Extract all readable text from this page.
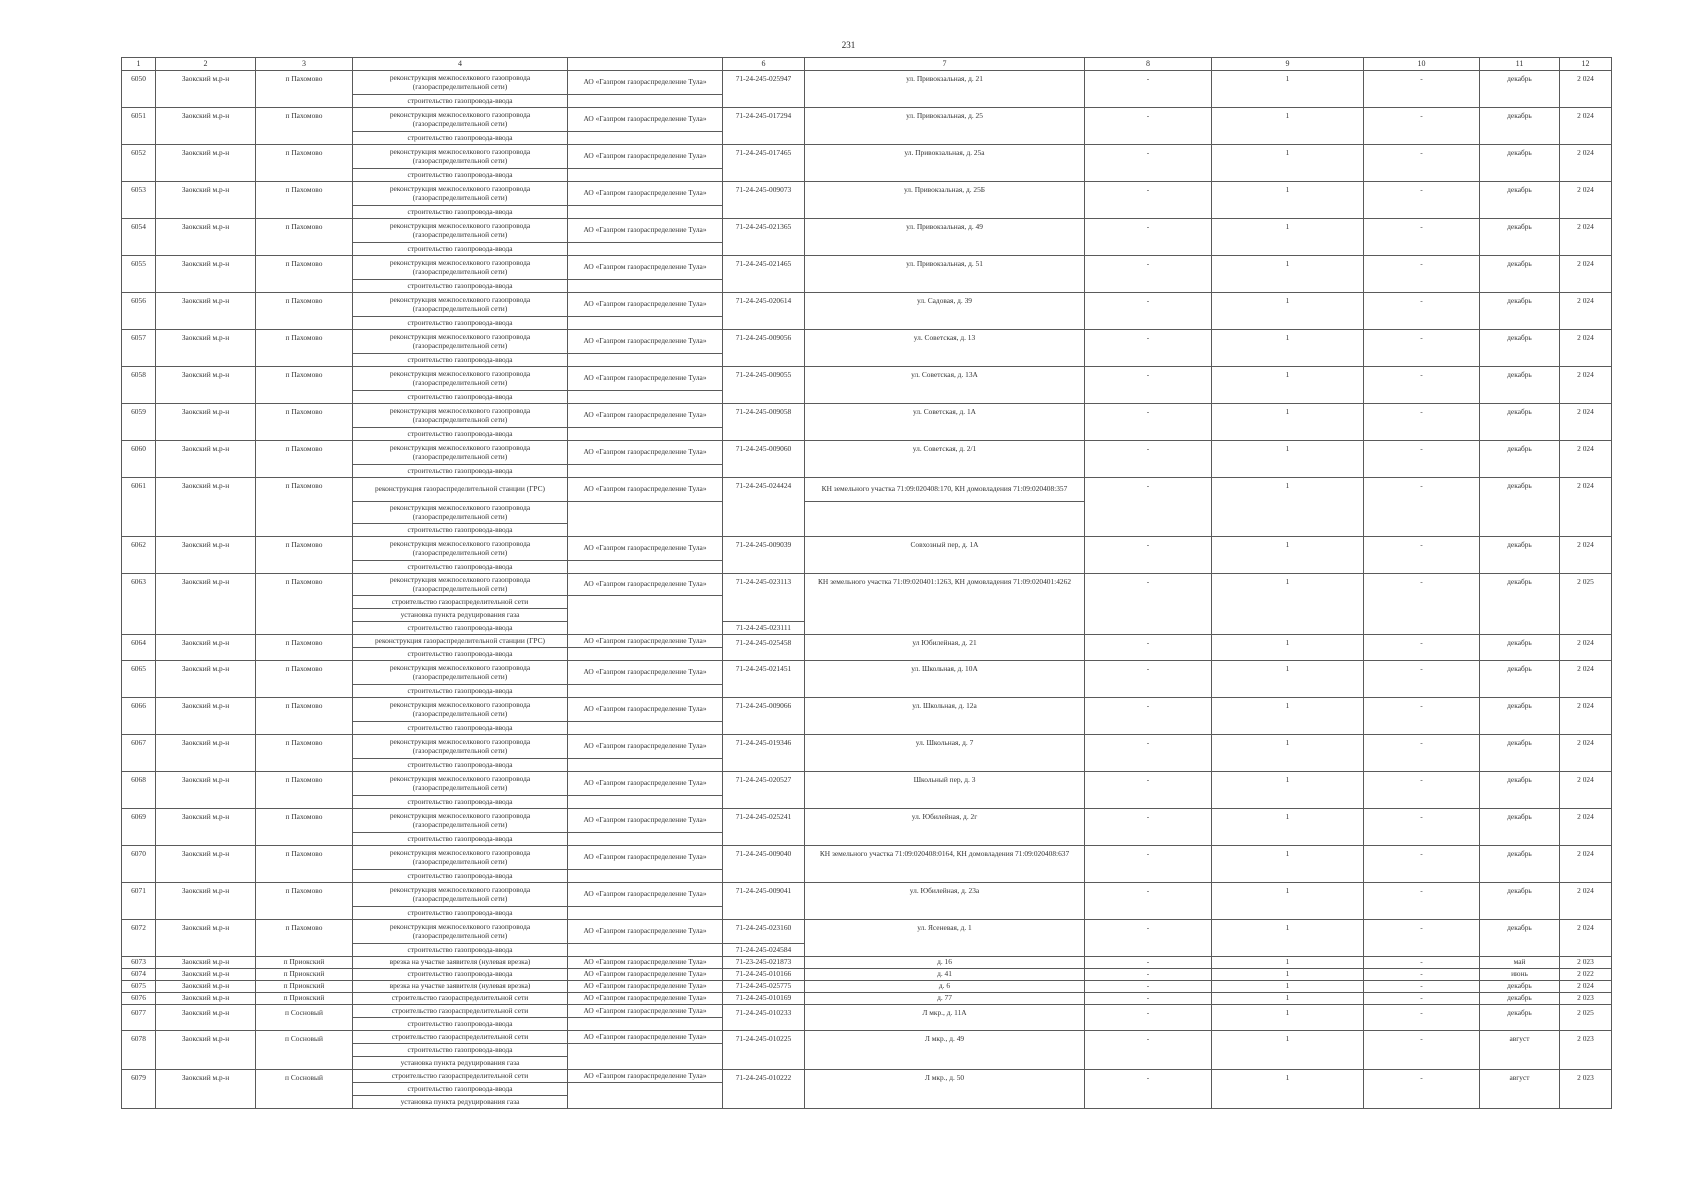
231
1	2	3	4		6	7	8	9	10	11	12
6050	Заокский м.р-н	п Пахомово	реконструкция межпоселкового газопровода (газораспределительной сети)	АО «Газпром газораспределение Тула»	71-24-245-025947	ул. Привокзальная, д. 21	-	1	-	декабрь	2 024
			строительство газопровода-ввода								
6051	Заокский м.р-н	п Пахомово	реконструкция межпоселкового газопровода (газораспределительной сети)	АО «Газпром газораспределение Тула»	71-24-245-017294	ул. Привокзальная, д. 25	-	1	-	декабрь	2 024
			строительство газопровода-ввода								
6052	Заокский м.р-н	п Пахомово	реконструкция межпоселкового газопровода (газораспределительной сети)	АО «Газпром газораспределение Тула»	71-24-245-017465	ул. Привокзальная, д. 25а	-	1	-	декабрь	2 024
			строительство газопровода-ввода								
6053	Заокский м.р-н	п Пахомово	реконструкция межпоселкового газопровода (газораспределительной сети)	АО «Газпром газораспределение Тула»	71-24-245-009073	ул. Привокзальная, д. 25Б	-	1	-	декабрь	2 024
			строительство газопровода-ввода								
6054	Заокский м.р-н	п Пахомово	реконструкция межпоселкового газопровода (газораспределительной сети)	АО «Газпром газораспределение Тула»	71-24-245-021365	ул. Привокзальная, д. 49	-	1	-	декабрь	2 024
			строительство газопровода-ввода								
6055	Заокский м.р-н	п Пахомово	реконструкция межпоселкового газопровода (газораспределительной сети)	АО «Газпром газораспределение Тула»	71-24-245-021465	ул. Привокзальная, д. 51	-	1	-	декабрь	2 024
			строительство газопровода-ввода								
6056	Заокский м.р-н	п Пахомово	реконструкция межпоселкового газопровода (газораспределительной сети)	АО «Газпром газораспределение Тула»	71-24-245-020614	ул. Садовая, д. 39	-	1	-	декабрь	2 024
			строительство газопровода-ввода								
6057	Заокский м.р-н	п Пахомово	реконструкция межпоселкового газопровода (газораспределительной сети)	АО «Газпром газораспределение Тула»	71-24-245-009056	ул. Советская, д. 13	-	1	-	декабрь	2 024
			строительство газопровода-ввода								
6058	Заокский м.р-н	п Пахомово	реконструкция межпоселкового газопровода (газораспределительной сети)	АО «Газпром газораспределение Тула»	71-24-245-009055	ул. Советская, д. 13А	-	1	-	декабрь	2 024
			строительство газопровода-ввода								
6059	Заокский м.р-н	п Пахомово	реконструкция межпоселкового газопровода (газораспределительной сети)	АО «Газпром газораспределение Тула»	71-24-245-009058	ул. Советская, д. 1А	-	1	-	декабрь	2 024
			строительство газопровода-ввода								
6060	Заокский м.р-н	п Пахомово	реконструкция межпоселкового газопровода (газораспределительной сети)	АО «Газпром газораспределение Тула»	71-24-245-009060	ул. Советская, д. 2/1	-	1	-	декабрь	2 024
			строительство газопровода-ввода								
6061	Заокский м.р-н	п Пахомово	реконструкция газораспределительной станции (ГРС)	АО «Газпром газораспределение Тула»	71-24-245-024424	КН земельного участка 71:09:020408:170, КН домовладения 71:09:020408:357	-	1	-	декабрь	2 024
			реконструкция межпоселкового газопровода (газораспределительной сети)								
			строительство газопровода-ввода								
6062	Заокский м.р-н	п Пахомово	реконструкция межпоселкового газопровода (газораспределительной сети)	АО «Газпром газораспределение Тула»	71-24-245-009039	Совхозный пер, д. 1А	-	1	-	декабрь	2 024
			строительство газопровода-ввода								
6063	Заокский м.р-н	п Пахомово	реконструкция межпоселкового газопровода (газораспределительной сети)	АО «Газпром газораспределение Тула»	71-24-245-023113	КН земельного участка 71:09:020401:1263, КН домовладения 71:09:020401:4262	-	1	-	декабрь	2 025
			строительство газораспределительной сети								
			установка пункта редуцирования газа								
			строительство газопровода-ввода		71-24-245-023111						
6064	Заокский м.р-н	п Пахомово	реконструкция газораспределительной станции (ГРС)	АО «Газпром газораспределение Тула»	71-24-245-025458	ул Юбилейная, д. 21	-	1	-	декабрь	2 024
			строительство газопровода-ввода								
6065	Заокский м.р-н	п Пахомово	реконструкция межпоселкового газопровода (газораспределительной сети)	АО «Газпром газораспределение Тула»	71-24-245-021451	ул. Школьная, д. 10А	-	1	-	декабрь	2 024
			строительство газопровода-ввода								
6066	Заокский м.р-н	п Пахомово	реконструкция межпоселкового газопровода (газораспределительной сети)	АО «Газпром газораспределение Тула»	71-24-245-009066	ул. Школьная, д. 12а	-	1	-	декабрь	2 024
			строительство газопровода-ввода								
6067	Заокский м.р-н	п Пахомово	реконструкция межпоселкового газопровода (газораспределительной сети)	АО «Газпром газораспределение Тула»	71-24-245-019346	ул. Школьная, д. 7	-	1	-	декабрь	2 024
			строительство газопровода-ввода								
6068	Заокский м.р-н	п Пахомово	реконструкция межпоселкового газопровода (газораспределительной сети)	АО «Газпром газораспределение Тула»	71-24-245-020527	Школьный пер, д. 3	-	1	-	декабрь	2 024
			строительство газопровода-ввода								
6069	Заокский м.р-н	п Пахомово	реконструкция межпоселкового газопровода (газораспределительной сети)	АО «Газпром газораспределение Тула»	71-24-245-025241	ул. Юбилейная, д. 2г	-	1	-	декабрь	2 024
			строительство газопровода-ввода								
6070	Заокский м.р-н	п Пахомово	реконструкция межпоселкового газопровода (газораспределительной сети)	АО «Газпром газораспределение Тула»	71-24-245-009040	КН земельного участка 71:09:020408:0164, КН домовладения 71:09:020408:637	-	1	-	декабрь	2 024
			строительство газопровода-ввода								
6071	Заокский м.р-н	п Пахомово	реконструкция межпоселкового газопровода (газораспределительной сети)	АО «Газпром газораспределение Тула»	71-24-245-009041	ул. Юбилейная, д. 23а	-	1	-	декабрь	2 024
			строительство газопровода-ввода								
6072	Заокский м.р-н	п Пахомово	реконструкция межпоселкового газопровода (газораспределительной сети)	АО «Газпром газораспределение Тула»	71-24-245-023160	ул. Ясеневая, д. 1	-	1	-	декабрь	2 024
			строительство газопровода-ввода		71-24-245-024584						
6073	Заокский м.р-н	п Приокский	врезка на участке заявителя (нулевая врезка)	АО «Газпром газораспределение Тула»	71-23-245-021873	д. 16	-	1	-	май	2 023
6074	Заокский м.р-н	п Приокский	строительство газопровода-ввода	АО «Газпром газораспределение Тула»	71-24-245-010166	д. 41	-	1	-	июнь	2 022
6075	Заокский м.р-н	п Приокский	врезка на участке заявителя (нулевая врезка)	АО «Газпром газораспределение Тула»	71-24-245-025775	д. 6	-	1	-	декабрь	2 024
6076	Заокский м.р-н	п Приокский	строительство газораспределительной сети	АО «Газпром газораспределение Тула»	71-24-245-010169	д. 77	-	1	-	декабрь	2 023
6077	Заокский м.р-н	п Сосновый	строительство газораспределительной сети	АО «Газпром газораспределение Тула»	71-24-245-010233	Л мкр., д. 11А	-	1	-	декабрь	2 025
			строительство газопровода-ввода								
6078	Заокский м.р-н	п Сосновый	строительство газораспределительной сети	АО «Газпром газораспределение Тула»	71-24-245-010225	Л мкр., д. 49	-	1	-	август	2 023
			строительство газопровода-ввода								
			установка пункта редуцирования газа								
6079	Заокский м.р-н	п Сосновый	строительство газораспределительной сети	АО «Газпром газораспределение Тула»	71-24-245-010222	Л мкр., д. 50	-	1	-	август	2 023
			строительство газопровода-ввода								
			установка пункта редуцирования газа								
